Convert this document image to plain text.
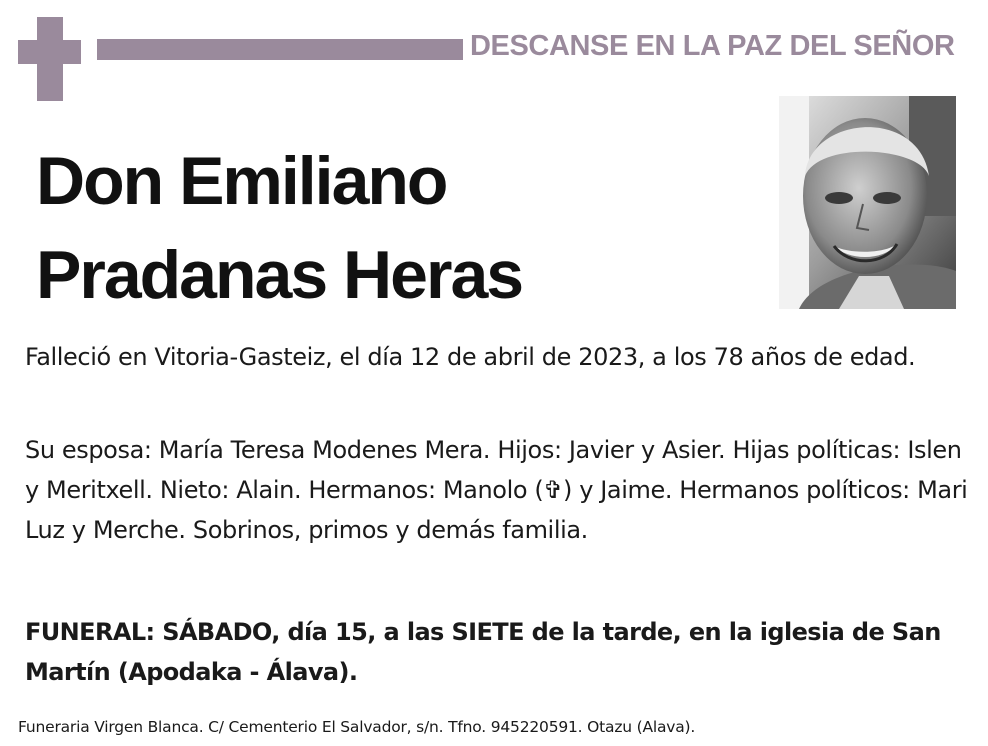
DESCANSE EN LA PAZ DEL SEÑOR
Don Emiliano
Pradanas Heras

Falleció en Vitoria-Gasteiz, el día 12 de abril de 2023, a los 78 años de edad.

Su esposa: María Teresa Modenes Mera. Hijos: Javier y Asier. Hijas políticas: Islen y Meritxell. Nieto: Alain. Hermanos: Manolo (✞) y Jaime. Hermanos políticos: Mari Luz y Merche. Sobrinos, primos y demás familia.

FUNERAL: SÁBADO, día 15, a las SIETE de la tarde, en la iglesia de San Martín (Apodaka - Álava).

Funeraria Virgen Blanca. C/ Cementerio El Salvador, s/n. Tfno. 945220591. Otazu (Alava).
